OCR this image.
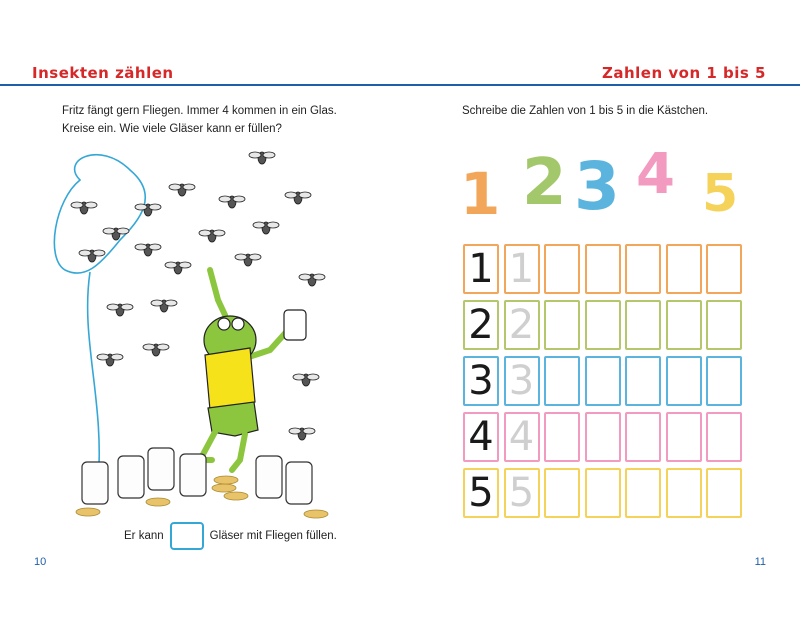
Insekten zählen	Zahlen von 1 bis 5
Fritz fängt gern Fliegen. Immer 4 kommen in ein Glas.
Kreise ein. Wie viele Gläser kann er füllen?
Schreibe die Zahlen von 1 bis 5 in die Kästchen.
Er kann	Gläser mit Fliegen füllen.
10	11
1 2 3 4 5
1 1
2 2
3 3
4 4
5 5
